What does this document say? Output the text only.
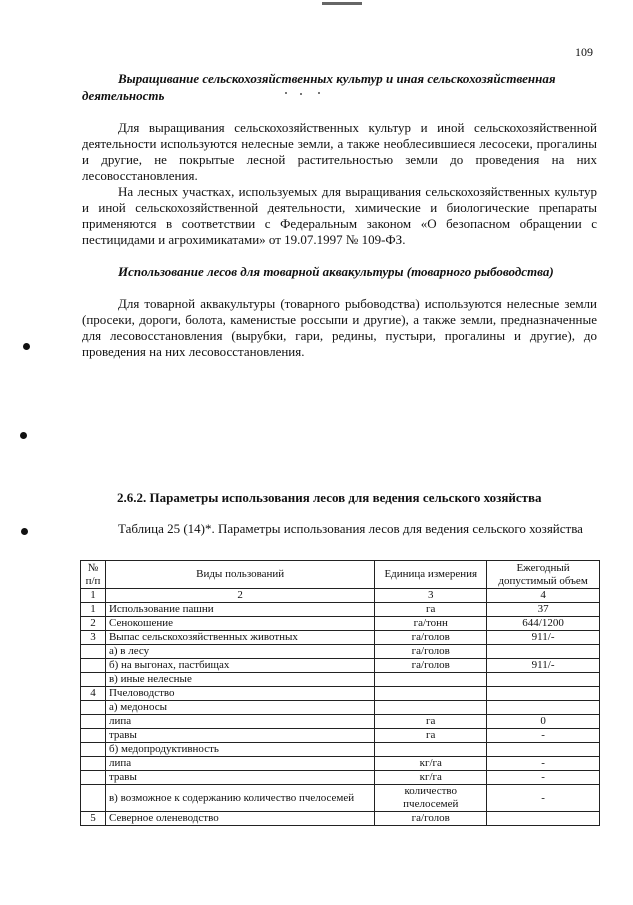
109
Выращивание сельскохозяйственных культур и иная сельскохозяйственная
деятельность
Для выращивания сельскохозяйственных культур и иной сельскохозяйственной деятельности используются нелесные земли, а также необлесившиеся лесосеки, прогалины и другие, не покрытые лесной растительностью земли до проведения на них лесовосстановления.
На лесных участках, используемых для выращивания сельскохозяйственных культур и иной сельскохозяйственной деятельности, химические и биологические препараты применяются в соответствии с Федеральным законом «О безопасном обращении с пестицидами и агрохимикатами» от 19.07.1997 № 109-ФЗ.
Использование лесов для товарной аквакультуры (товарного рыбоводства)
Для товарной аквакультуры (товарного рыбоводства) используются нелесные земли (просеки, дороги, болота, каменистые россыпи и другие), а также земли, предназначенные для лесовосстановления (вырубки, гари, редины, пустыри, прогалины и другие), до проведения на них лесовосстановления.
2.6.2. Параметры использования лесов для ведения сельского хозяйства
Таблица 25 (14)*. Параметры использования лесов для ведения сельского хозяйства
№ п/п	Виды пользований	Единица измерения	Ежегодный допустимый объем
1	2	3	4
1	Использование пашни	га	37
2	Сенокошение	га/тонн	644/1200
3	Выпас сельскохозяйственных животных	га/голов	911/-
	а) в лесу	га/голов	
	б) на выгонах, пастбищах	га/голов	911/-
	в) иные нелесные		
4	Пчеловодство		
	а) медоносы		
	липа	га	0
	травы	га	-
	б) медопродуктивность		
	липа	кг/га	-
	травы	кг/га	-
	в) возможное к содержанию количество пчелосемей	количество пчелосемей	-
5	Северное оленеводство	га/голов	
